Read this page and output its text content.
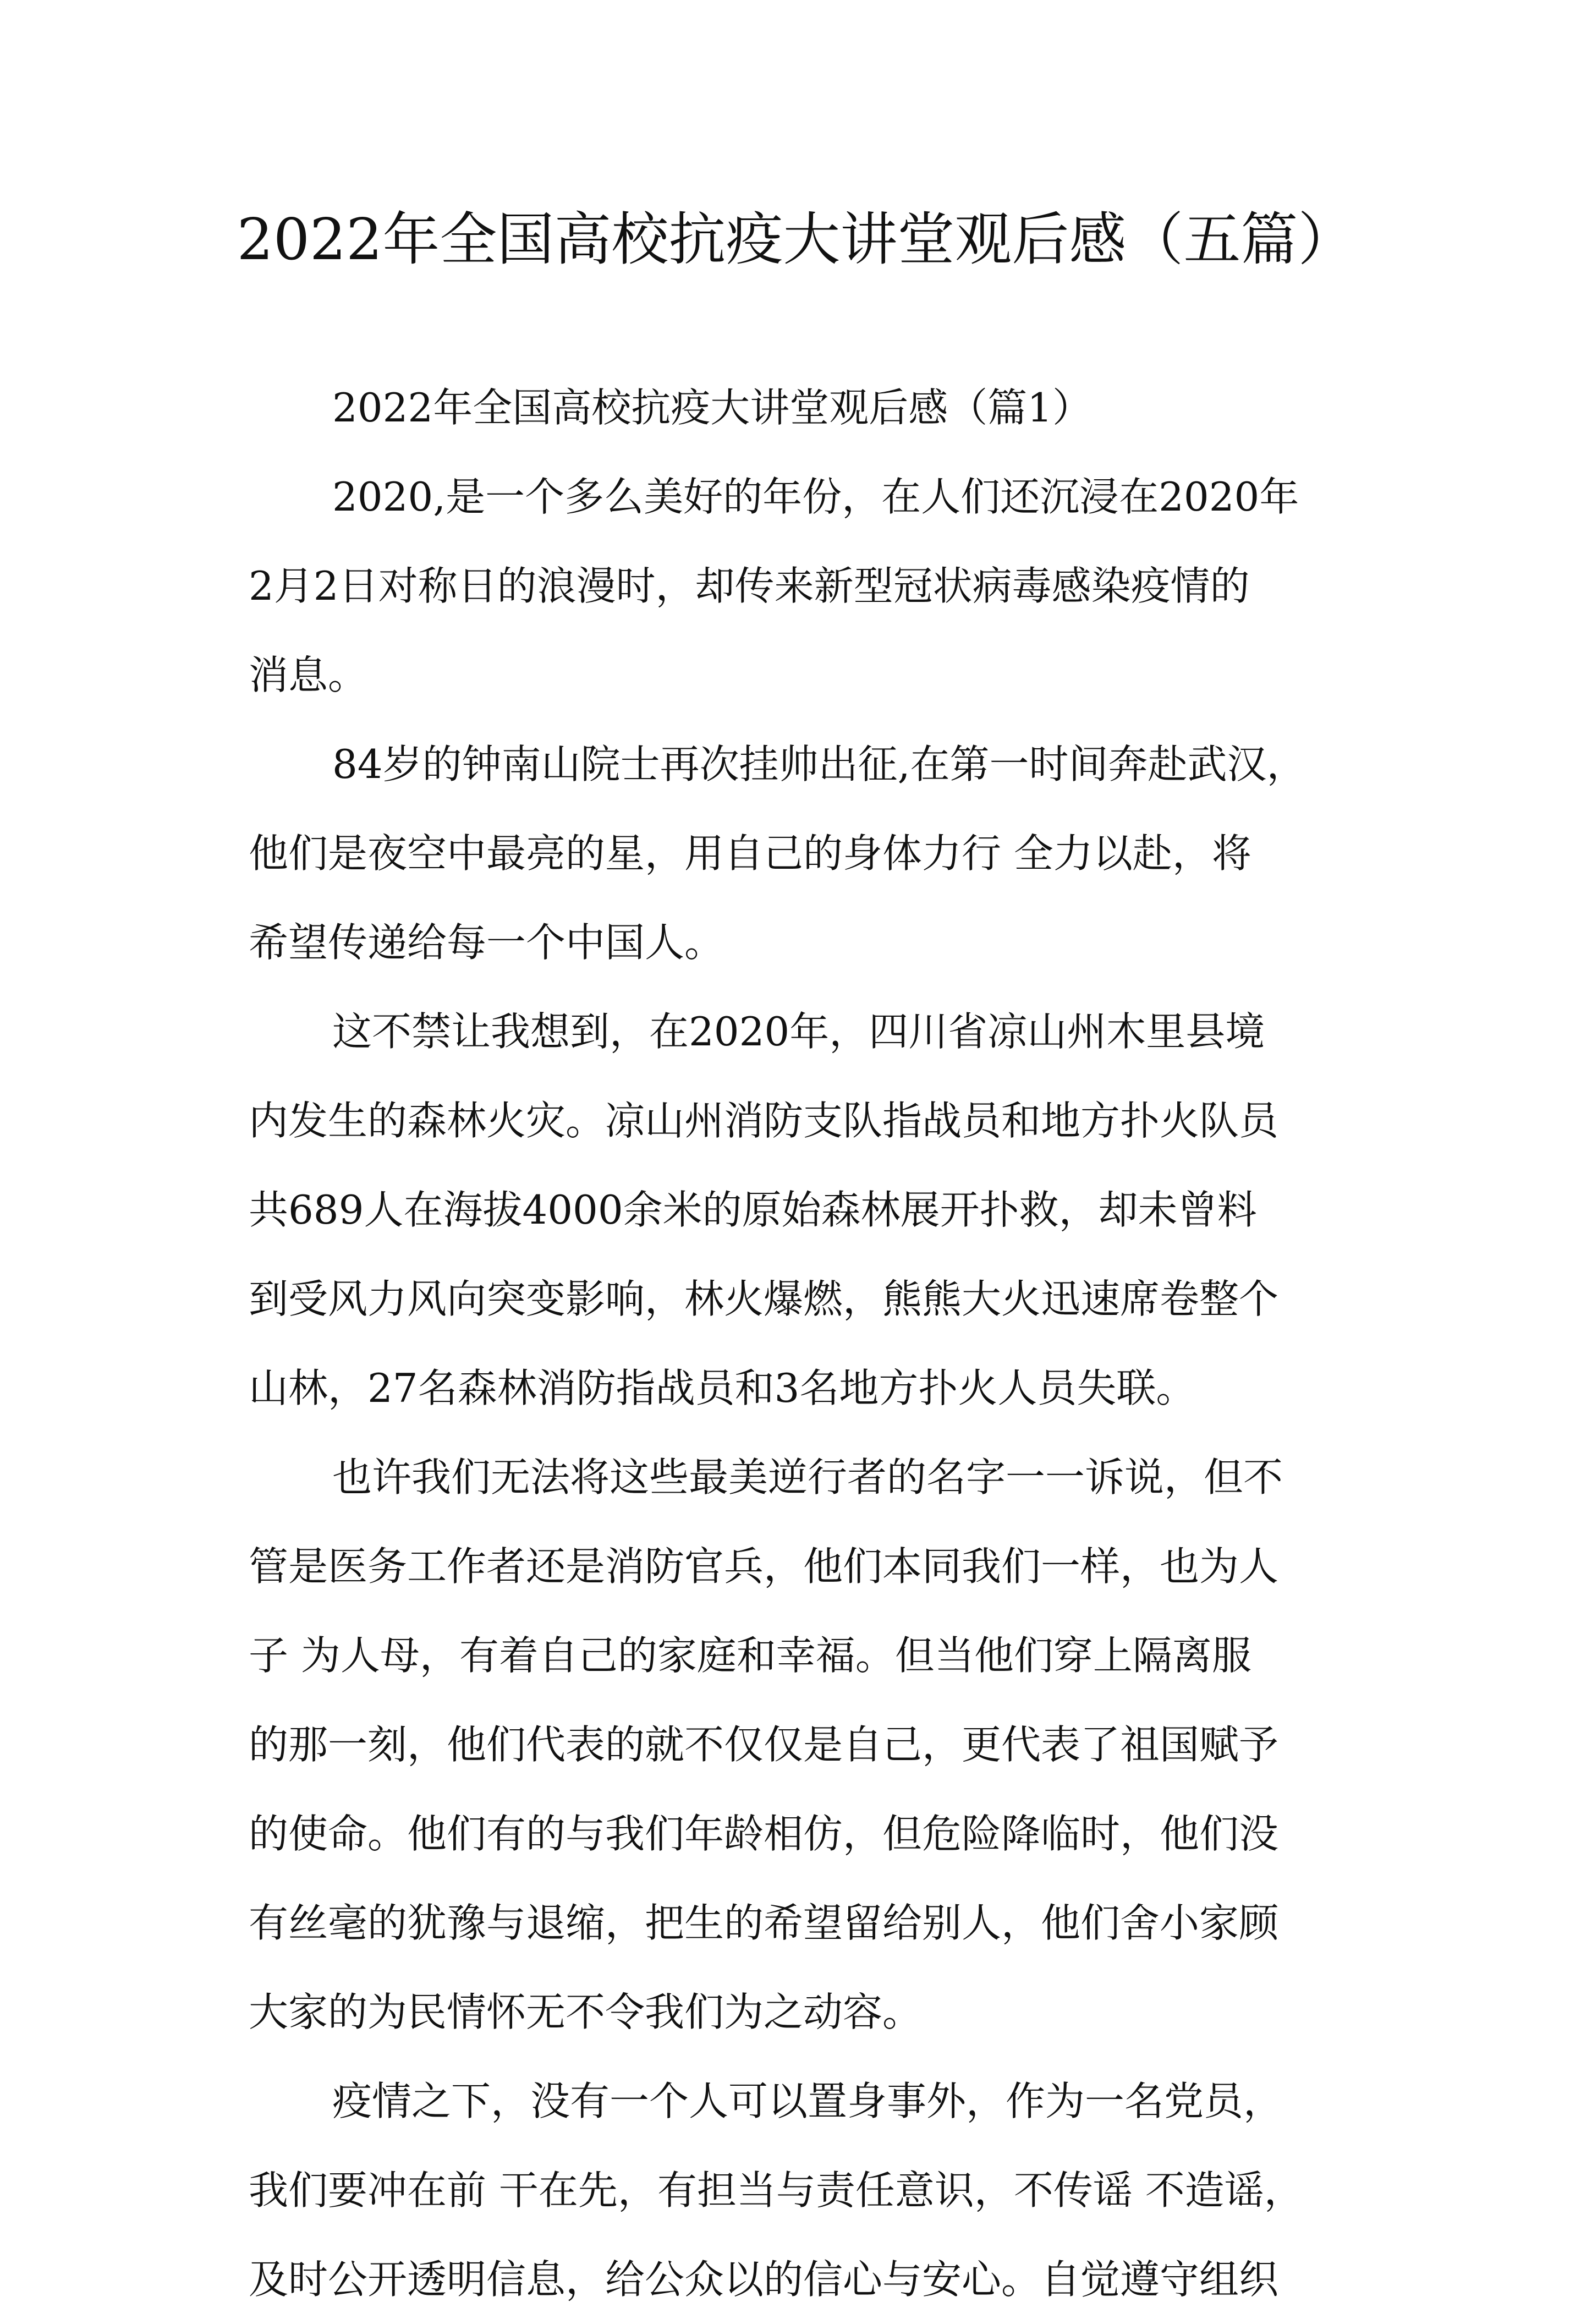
2022年全国高校抗疫大讲堂观后感（五篇）

2022年全国高校抗疫大讲堂观后感（篇1）

2020,是一个多么美好的年份，在人们还沉浸在2020年
2月2日对称日的浪漫时，却传来新型冠状病毒感染疫情的
消息。

84岁的钟南山院士再次挂帅出征,在第一时间奔赴武汉，
他们是夜空中最亮的星，用自己的身体力行 全力以赴，将
希望传递给每一个中国人。

这不禁让我想到，在2020年，四川省凉山州木里县境
内发生的森林火灾。凉山州消防支队指战员和地方扑火队员
共689人在海拔4000余米的原始森林展开扑救，却未曾料
到受风力风向突变影响，林火爆燃，熊熊大火迅速席卷整个
山林，27名森林消防指战员和3名地方扑火人员失联。

也许我们无法将这些最美逆行者的名字一一诉说，但不
管是医务工作者还是消防官兵，他们本同我们一样，也为人
子 为人母，有着自己的家庭和幸福。但当他们穿上隔离服
的那一刻，他们代表的就不仅仅是自己，更代表了祖国赋予
的使命。他们有的与我们年龄相仿，但危险降临时，他们没
有丝毫的犹豫与退缩，把生的希望留给别人，他们舍小家顾
大家的为民情怀无不令我们为之动容。

疫情之下，没有一个人可以置身事外，作为一名党员，
我们要冲在前 干在先，有担当与责任意识，不传谣 不造谣，
及时公开透明信息，给公众以的信心与安心。自觉遵守组织
